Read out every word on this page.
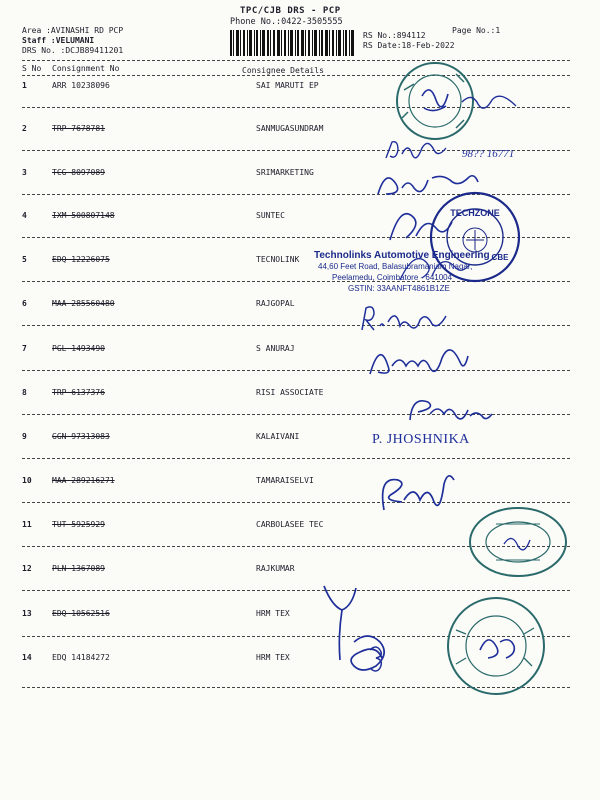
TPC/CJB DRS - PCP
Phone No.:0422-3505555
Area :AVINASHI RD PCP
Staff :VELUMANI
DRS No. :DCJB89411201
Page No.:1
RS No.:894112
RS Date:18-Feb-2022
S No Consignment No	Consignee Details
1	ARR 10238096	SAI MARUTI EP
2	TRP 7678781	SANMUGASUNDRAM
3	TCG 8097089	SRIMARKETING
4	IXM 500807148	SUNTEC
5	EDQ 12226075	TECNOLINK
6	MAA 285560480	RAJGOPAL
7	PGL 1493490	S ANURAJ
8	TRP 6137376	RISI ASSOCIATE
9	GGN 97313083	KALAIVANI
10	MAA 289216271	TAMARAISELVI
11	TUT 5925929	CARBOLASEE TEC
12	PLN 1367089	RAJKUMAR
13	EDQ 10562516	HRM TEX
14	EDQ 14184272	HRM TEX
98?? 16771
TECHZONE
CBE
Technolinks Automotive Engineering
44,60 Feet Road, Balasubramaniam Nagar,
Peelamedu, Coimbatore - 641004
GSTIN: 33AANFT4861B1ZE
P. JHOSHNIKA
